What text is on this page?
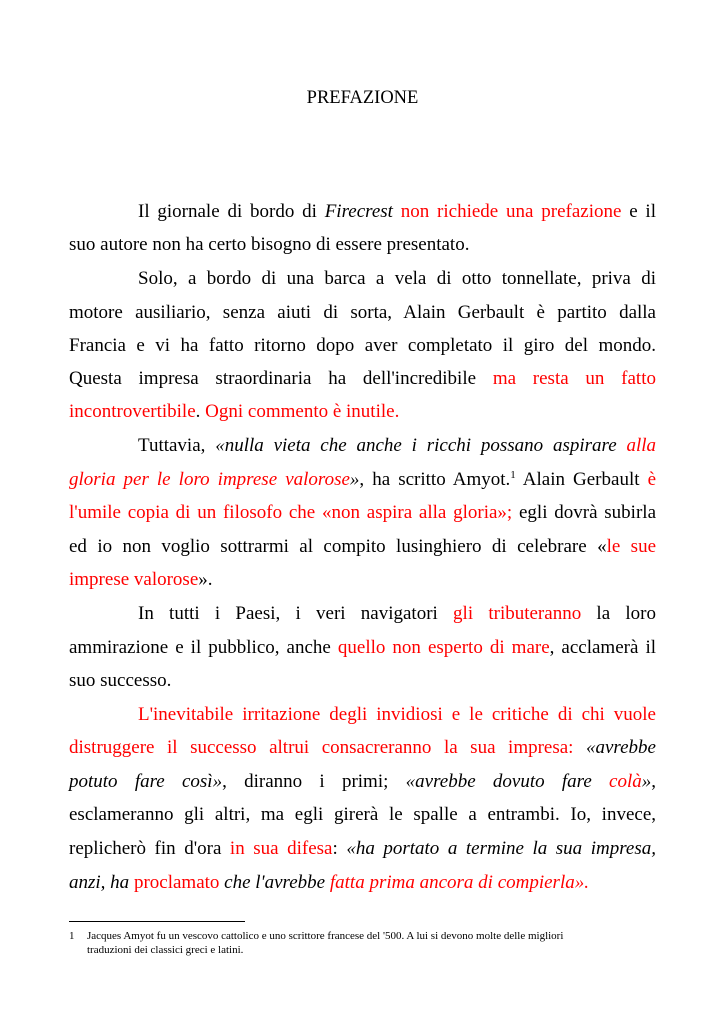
PREFAZIONE
Il giornale di bordo di Firecrest non richiede una prefazione e il
suo autore non ha certo bisogno di essere presentato.
Solo, a bordo di una barca a vela di otto tonnellate, priva di
motore ausiliario, senza aiuti di sorta, Alain Gerbault è partito dalla
Francia e vi ha fatto ritorno dopo aver completato il giro del mondo.
Questa impresa straordinaria ha dell'incredibile ma resta un fatto
incontrovertibile. Ogni commento è inutile.
Tuttavia, «nulla vieta che anche i ricchi possano aspirare alla
gloria per le loro imprese valorose», ha scritto Amyot.$^1$ Alain Gerbault è
l'umile copia di un filosofo che «non aspira alla gloria»; egli dovrà subirla
ed io non voglio sottrarmi al compito lusinghiero di celebrare «le sue
imprese valorose».
In tutti i Paesi, i veri navigatori gli tributeranno la loro
ammirazione e il pubblico, anche quello non esperto di mare, acclamerà il
suo successo.
L'inevitabile irritazione degli invidiosi e le critiche di chi vuole
distruggere il successo altrui consacreranno la sua impresa: «avrebbe
potuto fare così», diranno i primi; «avrebbe dovuto fare colà»,
esclameranno gli altri, ma egli girerà le spalle a entrambi. Io, invece,
replicherò fin d'ora in sua difesa: «ha portato a termine la sua impresa,
anzi, ha proclamato che l'avrebbe fatta prima ancora di compierla».
1 Jacques Amyot fu un vescovo cattolico e uno scrittore francese del '500. A lui si devono molte delle migliori
traduzioni dei classici greci e latini.
